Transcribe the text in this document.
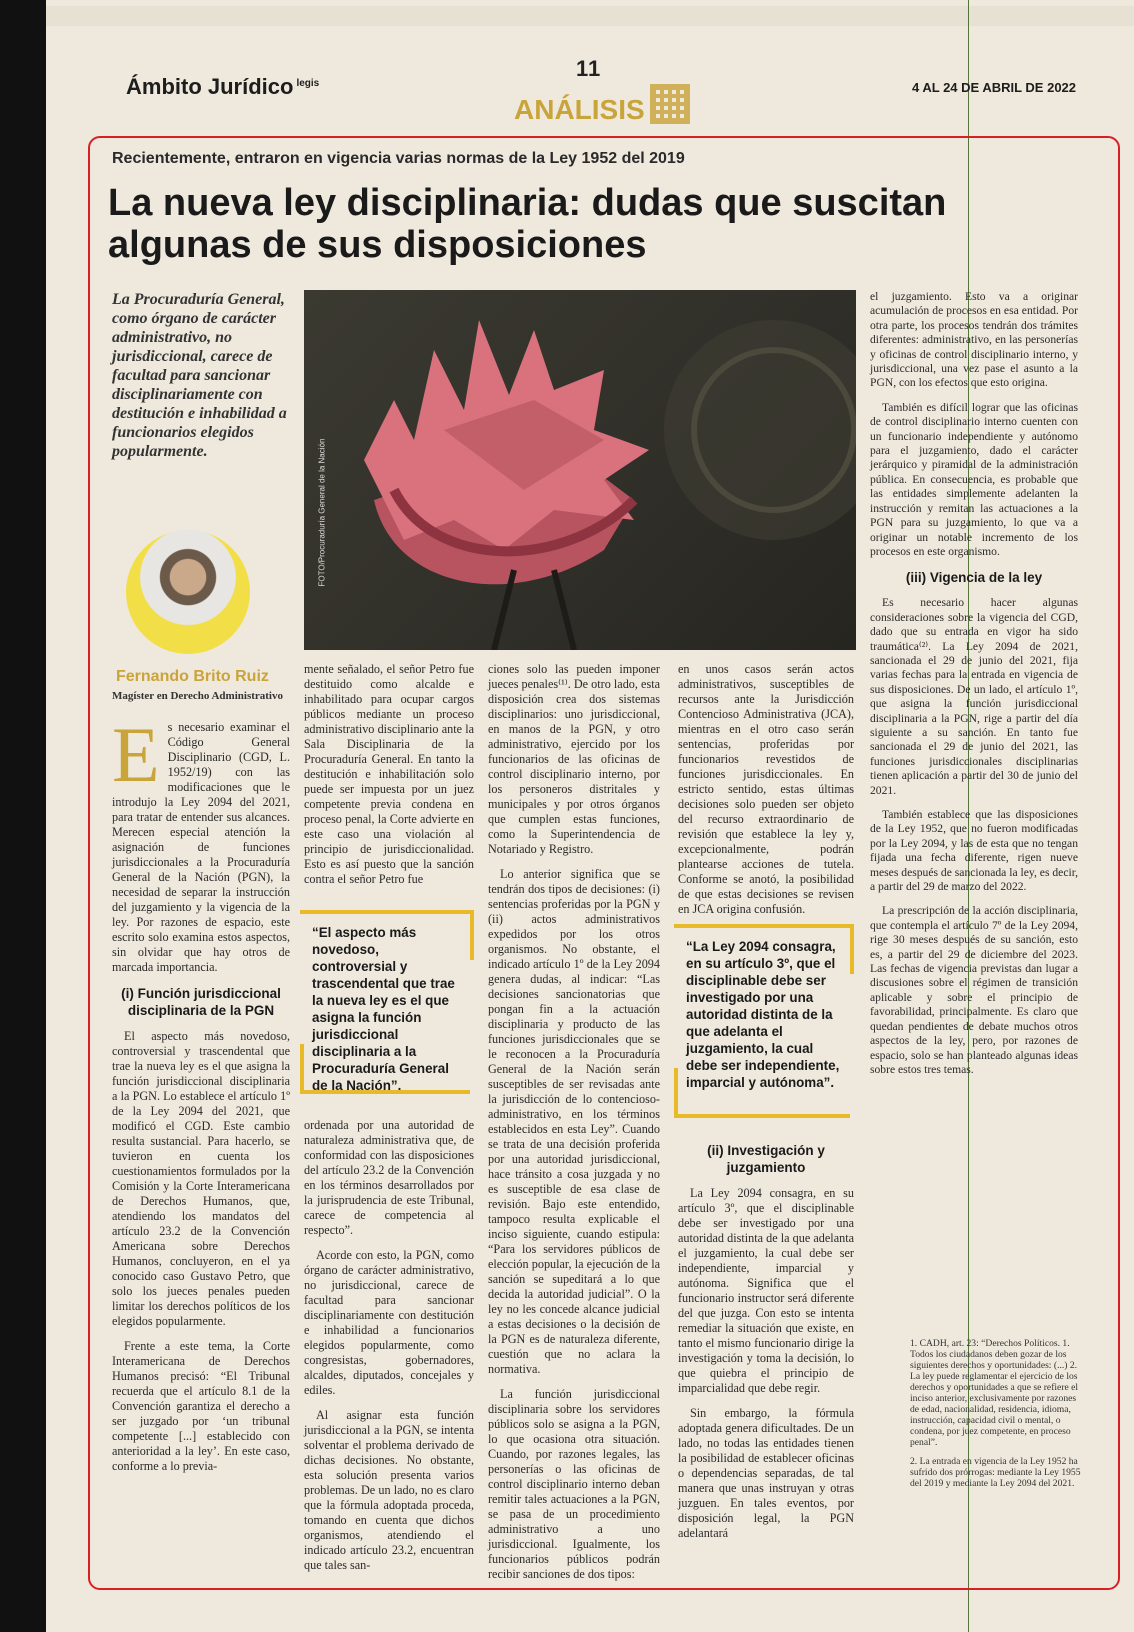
Ámbito Jurídico $^{legis}$
11
ANÁLISIS
4 AL 24 DE ABRIL DE 2022
Recientemente, entraron en vigencia varias normas de la Ley 1952 del 2019
La nueva ley disciplinaria: dudas que suscitan algunas de sus disposiciones
La Procuraduría General, como órgano de carácter administrativo, no jurisdiccional, carece de facultad para sancionar disciplinariamente con destitución e inhabilidad a funcionarios elegidos popularmente.
Fernando Brito Ruiz
Magíster en Derecho Administrativo
FOTO/Procuraduría General de la Nación

Es necesario examinar el Código General Disciplinario (CGD, L. 1952/19) con las modificaciones que le introdujo la Ley 2094 del 2021, para tratar de entender sus alcances. Merecen especial atención la asignación de funciones jurisdiccionales a la Procuraduría General de la Nación (PGN), la necesidad de separar la instrucción del juzgamiento y la vigencia de la ley. Por razones de espacio, este escrito solo examina estos aspectos, sin olvidar que hay otros de marcada importancia.

(i) Función jurisdiccional disciplinaria de la PGN

El aspecto más novedoso, controversial y trascendental que trae la nueva ley es el que asigna la función jurisdiccional disciplinaria a la PGN. Lo establece el artículo 1º de la Ley 2094 del 2021, que modificó el CGD. Este cambio resulta sustancial. Para hacerlo, se tuvieron en cuenta los cuestionamientos formulados por la Comisión y la Corte Interamericana de Derechos Humanos, que, atendiendo los mandatos del artículo 23.2 de la Convención Americana sobre Derechos Humanos, concluyeron, en el ya conocido caso Gustavo Petro, que solo los jueces penales pueden limitar los derechos políticos de los elegidos popularmente.

Frente a este tema, la Corte Interamericana de Derechos Humanos precisó: “El Tribunal recuerda que el artículo 8.1 de la Convención garantiza el derecho a ser juzgado por ‘un tribunal competente [...] establecido con anterioridad a la ley’. En este caso, conforme a lo previa-

mente señalado, el señor Petro fue destituido como alcalde e inhabilitado para ocupar cargos públicos mediante un proceso administrativo disciplinario ante la Sala Disciplinaria de la Procuraduría General. En tanto la destitución e inhabilitación solo puede ser impuesta por un juez competente previa condena en proceso penal, la Corte advierte en este caso una violación al principio de jurisdiccionalidad. Esto es así puesto que la sanción contra el señor Petro fue

“El aspecto más novedoso, controversial y trascendental que trae la nueva ley es el que asigna la función jurisdiccional disciplinaria a la Procuraduría General de la Nación”.

ordenada por una autoridad de naturaleza administrativa que, de conformidad con las disposiciones del artículo 23.2 de la Convención en los términos desarrollados por la jurisprudencia de este Tribunal, carece de competencia al respecto”.

Acorde con esto, la PGN, como órgano de carácter administrativo, no jurisdiccional, carece de facultad para sancionar disciplinariamente con destitución e inhabilidad a funcionarios elegidos popularmente, como congresistas, gobernadores, alcaldes, diputados, concejales y ediles.

Al asignar esta función jurisdiccional a la PGN, se intenta solventar el problema derivado de dichas decisiones. No obstante, esta solución presenta varios problemas. De un lado, no es claro que la fórmula adoptada proceda, tomando en cuenta que dichos organismos, atendiendo el indicado artículo 23.2, encuentran que tales san-

ciones solo las pueden imponer jueces penales⁽¹⁾. De otro lado, esta disposición crea dos sistemas disciplinarios: uno jurisdiccional, en manos de la PGN, y otro administrativo, ejercido por los funcionarios de las oficinas de control disciplinario interno, por los personeros distritales y municipales y por otros órganos que cumplen estas funciones, como la Superintendencia de Notariado y Registro.

Lo anterior significa que se tendrán dos tipos de decisiones: (i) sentencias proferidas por la PGN y (ii) actos administrativos expedidos por los otros organismos. No obstante, el indicado artículo 1º de la Ley 2094 genera dudas, al indicar: “Las decisiones sancionatorias que pongan fin a la actuación disciplinaria y producto de las funciones jurisdiccionales que se le reconocen a la Procuraduría General de la Nación serán susceptibles de ser revisadas ante la jurisdicción de lo contencioso-administrativo, en los términos establecidos en esta Ley”. Cuando se trata de una decisión proferida por una autoridad jurisdiccional, hace tránsito a cosa juzgada y no es susceptible de esa clase de revisión. Bajo este entendido, tampoco resulta explicable el inciso siguiente, cuando estipula: “Para los servidores públicos de elección popular, la ejecución de la sanción se supeditará a lo que decida la autoridad judicial”. O la ley no les concede alcance judicial a estas decisiones o la decisión de la PGN es de naturaleza diferente, cuestión que no aclara la normativa.

La función jurisdiccional disciplinaria sobre los servidores públicos solo se asigna a la PGN, lo que ocasiona otra situación. Cuando, por razones legales, las personerías o las oficinas de control disciplinario interno deban remitir tales actuaciones a la PGN, se pasa de un procedimiento administrativo a uno jurisdiccional. Igualmente, los funcionarios públicos podrán recibir sanciones de dos tipos:

en unos casos serán actos administrativos, susceptibles de recursos ante la Jurisdicción Contencioso Administrativa (JCA), mientras en el otro caso serán sentencias, proferidas por funcionarios revestidos de funciones jurisdiccionales. En estricto sentido, estas últimas decisiones solo pueden ser objeto del recurso extraordinario de revisión que establece la ley y, excepcionalmente, podrán plantearse acciones de tutela. Conforme se anotó, la posibilidad de que estas decisiones se revisen en JCA origina confusión.

“La Ley 2094 consagra, en su artículo 3º, que el disciplinable debe ser investigado por una autoridad distinta de la que adelanta el juzgamiento, la cual debe ser independiente, imparcial y autónoma”.
(ii) Investigación y juzgamiento

La Ley 2094 consagra, en su artículo 3º, que el disciplinable debe ser investigado por una autoridad distinta de la que adelanta el juzgamiento, la cual debe ser independiente, imparcial y autónoma. Significa que el funcionario instructor será diferente del que juzga. Con esto se intenta remediar la situación que existe, en tanto el mismo funcionario dirige la investigación y toma la decisión, lo que quiebra el principio de imparcialidad que debe regir.

Sin embargo, la fórmula adoptada genera dificultades. De un lado, no todas las entidades tienen la posibilidad de establecer oficinas o dependencias separadas, de tal manera que unas instruyan y otras juzguen. En tales eventos, por disposición legal, la PGN adelantará

el juzgamiento. Esto va a originar acumulación de procesos en esa entidad. Por otra parte, los procesos tendrán dos trámites diferentes: administrativo, en las personerías y oficinas de control disciplinario interno, y jurisdiccional, una vez pase el asunto a la PGN, con los efectos que esto origina.

También es difícil lograr que las oficinas de control disciplinario interno cuenten con un funcionario independiente y autónomo para el juzgamiento, dado el carácter jerárquico y piramidal de la administración pública. En consecuencia, es probable que las entidades simplemente adelanten la instrucción y remitan las actuaciones a la PGN para su juzgamiento, lo que va a originar un notable incremento de los procesos en este organismo.

(iii) Vigencia de la ley

Es necesario hacer algunas consideraciones sobre la vigencia del CGD, dado que su entrada en vigor ha sido traumática⁽²⁾. La Ley 2094 de 2021, sancionada el 29 de junio del 2021, fija varias fechas para la entrada en vigencia de sus disposiciones. De un lado, el artículo 1º, que asigna la función jurisdiccional disciplinaria a la PGN, rige a partir del día siguiente a su sanción. En tanto fue sancionada el 29 de junio del 2021, las funciones jurisdiccionales disciplinarias tienen aplicación a partir del 30 de junio del 2021.

También establece que las disposiciones de la Ley 1952, que no fueron modificadas por la Ley 2094, y las de esta que no tengan fijada una fecha diferente, rigen nueve meses después de sancionada la ley, es decir, a partir del 29 de marzo del 2022.

La prescripción de la acción disciplinaria, que contempla el artículo 7º de la Ley 2094, rige 30 meses después de su sanción, esto es, a partir del 29 de diciembre del 2023. Las fechas de vigencia previstas dan lugar a discusiones sobre el régimen de transición aplicable y sobre el principio de favorabilidad, principalmente. Es claro que quedan pendientes de debate muchos otros aspectos de la ley, pero, por razones de espacio, solo se han planteado algunas ideas sobre estos tres temas.

1. CADH, art. 23: “Derechos Políticos. 1. Todos los ciudadanos deben gozar de los siguientes derechos y oportunidades: (...) 2. La ley puede reglamentar el ejercicio de los derechos y oportunidades a que se refiere el inciso anterior, exclusivamente por razones de edad, nacionalidad, residencia, idioma, instrucción, capacidad civil o mental, o condena, por juez competente, en proceso penal”.

2. La entrada en vigencia de la Ley 1952 ha sufrido dos prórrogas: mediante la Ley 1955 del 2019 y mediante la Ley 2094 del 2021.
